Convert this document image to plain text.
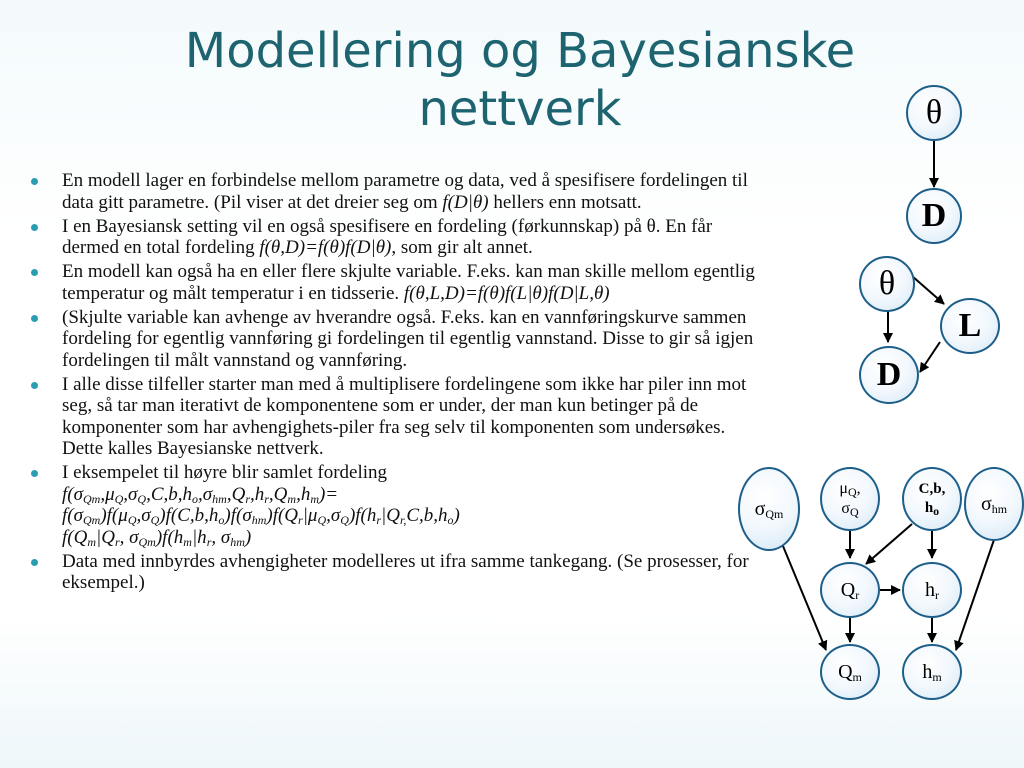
Modellering og Bayesianske
nettverk
En modell lager en forbindelse mellom parametre og data, ved å spesifisere fordelingen til data gitt parametre. (Pil viser at det dreier seg om f(D|θ) hellers enn motsatt.
I en Bayesiansk setting vil en også spesifisere en fordeling (førkunnskap) på θ. En får dermed en total fordeling f(θ,D)=f(θ)f(D|θ), som gir alt annet.
En modell kan også ha en eller flere skjulte variable. F.eks. kan man skille mellom egentlig temperatur og målt temperatur i en tidsserie. f(θ,L,D)=f(θ)f(L|θ)f(D|L,θ)
(Skjulte variable kan avhenge av hverandre også. F.eks. kan en vannføringskurve sammen fordeling for egentlig vannføring gi fordelingen til egentlig vannstand. Disse to gir så igjen fordelingen til målt vannstand og vannføring.
I alle disse tilfeller starter man med å multiplisere fordelingene som ikke har piler inn mot seg, så tar man iterativt de komponentene som er under, der man kun betinger på de komponenter som har avhengighets-piler fra seg selv til komponenten som undersøkes. Dette kalles Bayesianske nettverk.
I eksempelet til høyre blir samlet fordeling
$f(\sigma_{Qm},\mu_Q,\sigma_Q,C,b,h_o,\sigma_{hm},Q_r,h_r,Q_m,h_m)=$
$f(\sigma_{Qm})f(\mu_Q,\sigma_Q)f(C,b,h_o)f(\sigma_{hm})f(Q_r|\mu_Q,\sigma_Q)f(h_r|Q_{r,}C,b,h_o)$
$f(Q_m|Q_r$, $\sigma_{Qm})f(h_m|h_r$, $\sigma_{hm}$)
Data med innbyrdes avhengigheter modelleres ut ifra samme tankegang. (Se prosesser, for eksempel.)
θ
D
θ
L
D
$\sigma_{Qm}$
$\mu_Q$,
$\sigma_Q$
C,b,
$h_o$	$\sigma_{hm}$
$Q_r$	$h_r$
$Q_m$	$h_m$
